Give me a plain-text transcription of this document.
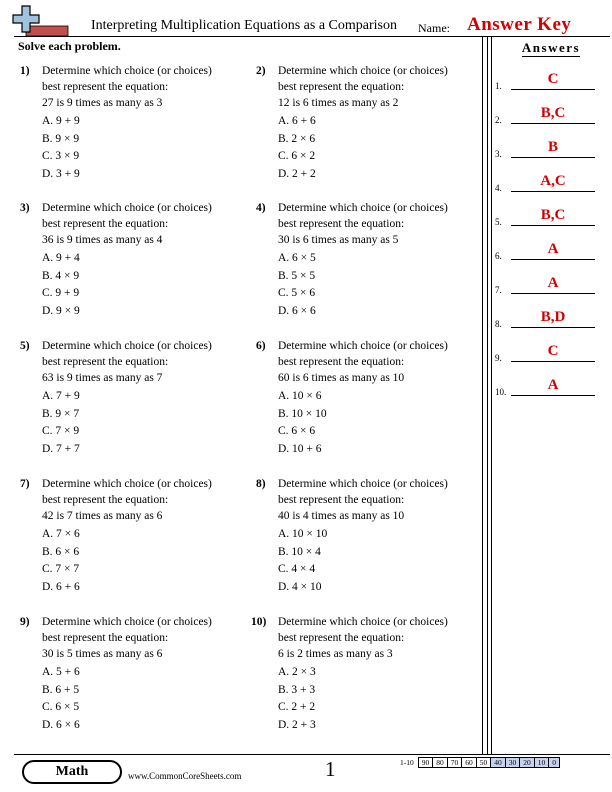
Interpreting Multiplication Equations as a Comparison Name: Answer Key
Solve each problem.
1) Determine which choice (or choices)
best represent the equation:
27 is 9 times as many as 3
A. 9 + 9
B. 9 × 9
C. 3 × 9
D. 3 + 9
2) Determine which choice (or choices)
best represent the equation:
12 is 6 times as many as 2
A. 6 + 6
B. 2 × 6
C. 6 × 2
D. 2 + 2
3) Determine which choice (or choices)
best represent the equation:
36 is 9 times as many as 4
A. 9 + 4
B. 4 × 9
C. 9 + 9
D. 9 × 9
4) Determine which choice (or choices)
best represent the equation:
30 is 6 times as many as 5
A. 6 × 5
B. 5 × 5
C. 5 × 6
D. 6 × 6
5) Determine which choice (or choices)
best represent the equation:
63 is 9 times as many as 7
A. 7 + 9
B. 9 × 7
C. 7 × 9
D. 7 + 7
6) Determine which choice (or choices)
best represent the equation:
60 is 6 times as many as 10
A. 10 × 6
B. 10 × 10
C. 6 × 6
D. 10 + 6
7) Determine which choice (or choices)
best represent the equation:
42 is 7 times as many as 6
A. 7 × 6
B. 6 × 6
C. 7 × 7
D. 6 + 6
8) Determine which choice (or choices)
best represent the equation:
40 is 4 times as many as 10
A. 10 × 10
B. 10 × 4
C. 4 × 4
D. 4 × 10
9) Determine which choice (or choices)
best represent the equation:
30 is 5 times as many as 6
A. 5 + 6
B. 6 + 5
C. 6 × 5
D. 6 × 6
10) Determine which choice (or choices)
best represent the equation:
6 is 2 times as many as 3
A. 2 × 3
B. 3 + 3
C. 2 + 2
D. 2 + 3
Answers
1.	C
2.	B,C
3.	B
4.	A,C
5.	B,C
6.	A
7.	A
8.	B,D
9.	C
10.	A
Math	www.CommonCoreSheets.com	1	1-10	90	80	70	60	50	40	30	20	10	0
